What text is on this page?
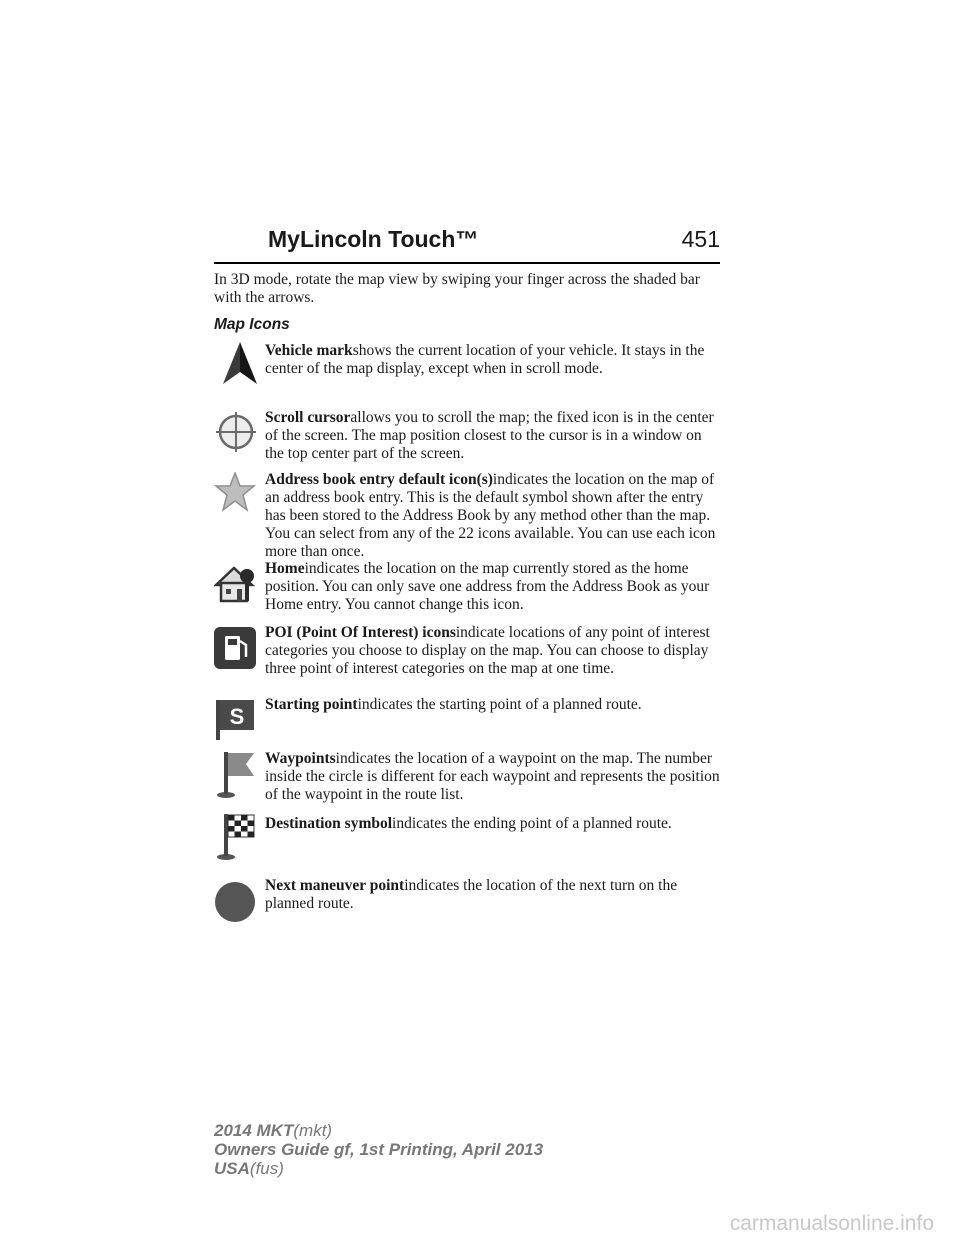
MyLincoln Touch™	451
In 3D mode, rotate the map view by swiping your finger across the shaded bar with the arrows.
Map Icons
S
Vehicle markshows the current location of your vehicle. It stays in the center of the map display, except when in scroll mode.
Scroll cursorallows you to scroll the map; the fixed icon is in the center of the screen. The map position closest to the cursor is in a window on the top center part of the screen.
Address book entry default icon(s)indicates the location on the map of an address book entry. This is the default symbol shown after the entry has been stored to the Address Book by any method other than the map. You can select from any of the 22 icons available. You can use each icon more than once.
Homeindicates the location on the map currently stored as the home position. You can only save one address from the Address Book as your Home entry. You cannot change this icon.
POI (Point Of Interest) iconsindicate locations of any point of interest categories you choose to display on the map. You can choose to display three point of interest categories on the map at one time.
Starting pointindicates the starting point of a planned route.
Waypointsindicates the location of a waypoint on the map. The number inside the circle is different for each waypoint and represents the position of the waypoint in the route list.
Destination symbolindicates the ending point of a planned route.
Next maneuver pointindicates the location of the next turn on the planned route.
2014 MKT(mkt)
Owners Guide gf, 1st Printing, April 2013
USA(fus)
carmanualsonline.info
